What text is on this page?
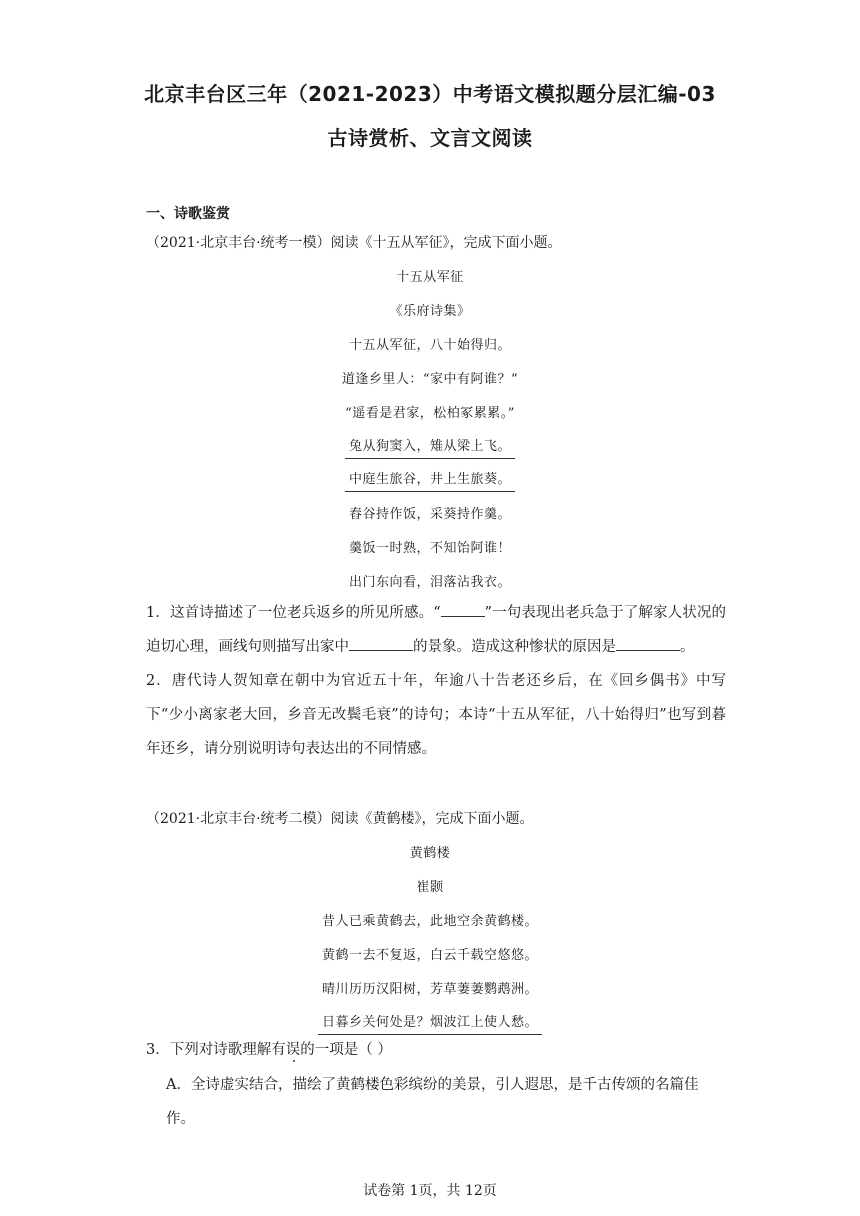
北京丰台区三年（2021-2023）中考语文模拟题分层汇编-03
古诗赏析、文言文阅读
一、诗歌鉴赏
（2021·北京丰台·统考一模）阅读《十五从军征》，完成下面小题。
十五从军征
《乐府诗集》
十五从军征，八十始得归。
道逢乡里人：“家中有阿谁？”
“遥看是君家，松柏冢累累。”
兔从狗窦入，雉从梁上飞。
中庭生旅谷，井上生旅葵。
舂谷持作饭，采葵持作羹。
羹饭一时熟，不知饴阿谁！
出门东向看，泪落沾我衣。
1．这首诗描述了一位老兵返乡的所见所感。“	”一句表现出老兵急于了解家人状况的迫切心理，画线句则描写出家中	的景象。造成这种惨状的原因是	。
2．唐代诗人贺知章在朝中为官近五十年，年逾八十告老还乡后，在《回乡偶书》中写下“少小离家老大回，乡音无改鬓毛衰”的诗句；本诗“十五从军征，八十始得归”也写到暮年还乡，请分别说明诗句表达出的不同情感。
（2021·北京丰台·统考二模）阅读《黄鹤楼》，完成下面小题。
黄鹤楼
崔颢
昔人已乘黄鹤去，此地空余黄鹤楼。
黄鹤一去不复返，白云千载空悠悠。
晴川历历汉阳树，芳草萋萋鹦鹉洲。
日暮乡关何处是？烟波江上使人愁。
3．下列对诗歌理解有误的一项是（ ）
A．全诗虚实结合，描绘了黄鹤楼色彩缤纷的美景，引人遐思，是千古传颂的名篇佳作。
试卷第 1页，共 12页
